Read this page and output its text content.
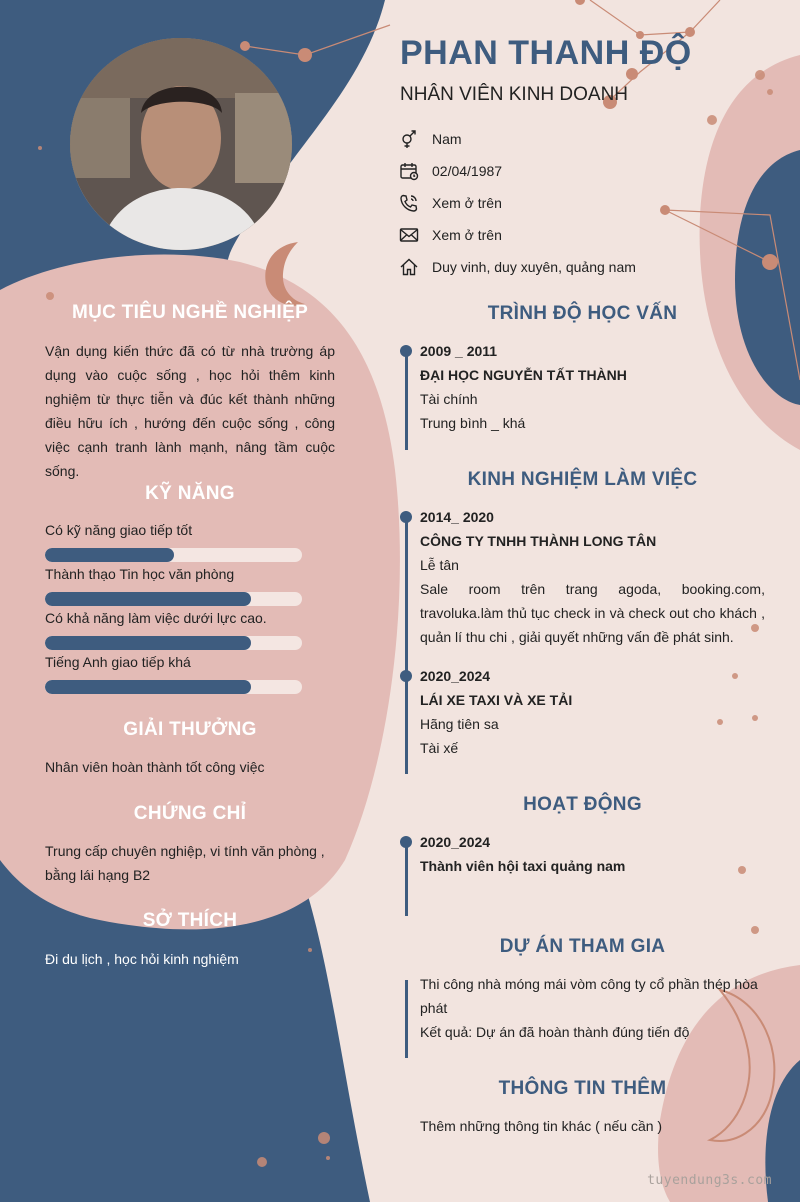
PHAN THANH ĐỘ
NHÂN VIÊN KINH DOANH
Nam
02/04/1987
Xem ở trên
Xem ở trên
Duy vinh, duy xuyên, quảng nam
MỤC TIÊU NGHỀ NGHIỆP
Vận dụng kiến thức đã có từ nhà trường áp dụng vào cuộc sống , học hỏi thêm kinh nghiệm từ thực tiễn và đúc kết thành những điều hữu ích , hướng đến cuộc sống , công việc cạnh tranh lành mạnh, nâng tầm cuộc sống.
KỸ NĂNG
Có kỹ năng giao tiếp tốt
Thành thạo Tin học văn phòng
Có khả năng làm việc dưới lực cao.
Tiếng Anh giao tiếp khá
GIẢI THƯỞNG
Nhân viên hoàn thành tốt công việc
CHỨNG CHỈ
Trung cấp chuyên nghiệp, vi tính văn phòng , bằng lái hạng B2
SỞ THÍCH
Đi du lịch , học hỏi kinh nghiệm
TRÌNH ĐỘ HỌC VẤN
2009 _ 2011
ĐẠI HỌC NGUYỄN TẤT THÀNH
Tài chính
Trung bình _ khá
KINH NGHIỆM LÀM VIỆC
2014_ 2020
CÔNG TY TNHH THÀNH LONG TÂN
Lễ tân
Sale room trên trang agoda, booking.com, travoluka.làm thủ tục check in và check out cho khách , quản lí thu chi , giải quyết những vấn đề phát sinh.
2020_2024
LÁI XE TAXI VÀ XE TẢI
Hãng tiên sa
Tài xế
HOẠT ĐỘNG
2020_2024
Thành viên hội taxi quảng nam
DỰ ÁN THAM GIA
Thi công nhà móng mái vòm công ty cổ phần thép hòa phát
Kết quả: Dự án đã hoàn thành đúng tiến độ
THÔNG TIN THÊM
Thêm những thông tin khác ( nếu cần )
tuyendung3s.com
